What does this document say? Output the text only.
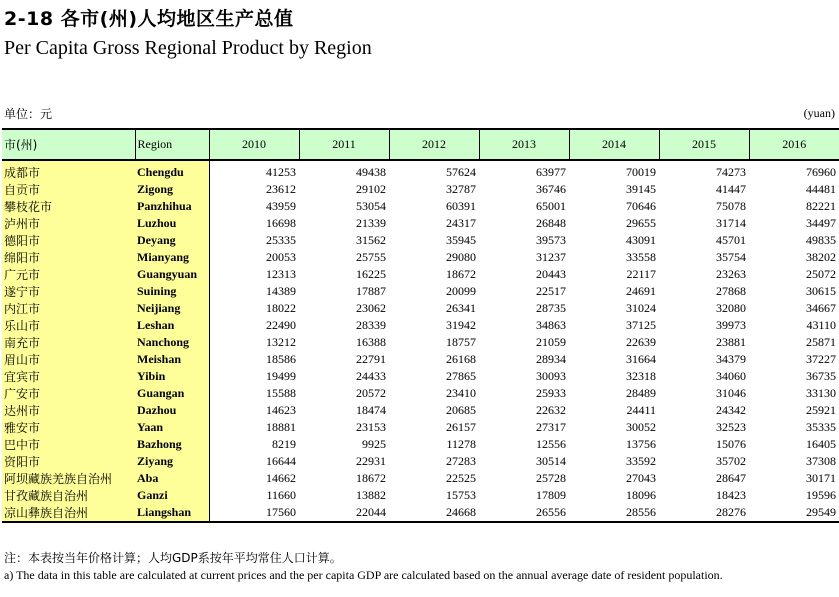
2-18 各市(州)人均地区生产总值
Per Capita Gross Regional Product by Region
单位：元	(yuan)
市(州)	Region	2010	2011	2012	2013	2014	2015	2016
成都市	Chengdu	41253	49438	57624	63977	70019	74273	76960
自贡市	Zigong	23612	29102	32787	36746	39145	41447	44481
攀枝花市	Panzhihua	43959	53054	60391	65001	70646	75078	82221
泸州市	Luzhou	16698	21339	24317	26848	29655	31714	34497
德阳市	Deyang	25335	31562	35945	39573	43091	45701	49835
绵阳市	Mianyang	20053	25755	29080	31237	33558	35754	38202
广元市	Guangyuan	12313	16225	18672	20443	22117	23263	25072
遂宁市	Suining	14389	17887	20099	22517	24691	27868	30615
内江市	Neijiang	18022	23062	26341	28735	31024	32080	34667
乐山市	Leshan	22490	28339	31942	34863	37125	39973	43110
南充市	Nanchong	13212	16388	18757	21059	22639	23881	25871
眉山市	Meishan	18586	22791	26168	28934	31664	34379	37227
宜宾市	Yibin	19499	24433	27865	30093	32318	34060	36735
广安市	Guangan	15588	20572	23410	25933	28489	31046	33130
达州市	Dazhou	14623	18474	20685	22632	24411	24342	25921
雅安市	Yaan	18881	23153	26157	27317	30052	32523	35335
巴中市	Bazhong	8219	9925	11278	12556	13756	15076	16405
资阳市	Ziyang	16644	22931	27283	30514	33592	35702	37308
阿坝藏族羌族自治州	Aba	14662	18672	22525	25728	27043	28647	30171
甘孜藏族自治州	Ganzi	11660	13882	15753	17809	18096	18423	19596
凉山彝族自治州	Liangshan	17560	22044	24668	26556	28556	28276	29549
注：本表按当年价格计算；人均GDP系按年平均常住人口计算。
a) The data in this table are calculated at current prices and the per capita GDP are calculated based on the annual average date of resident population.
